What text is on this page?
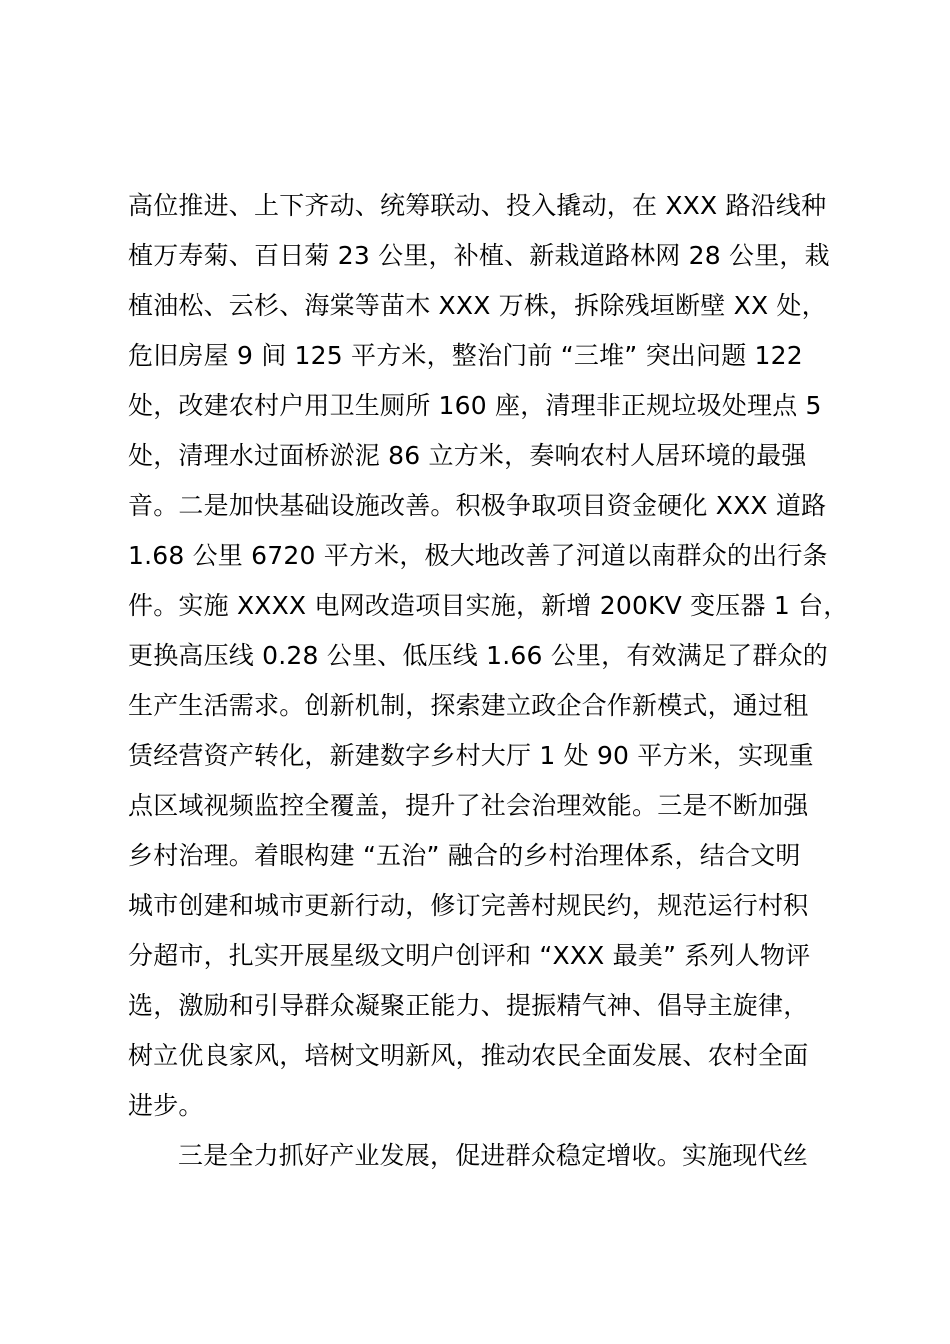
高位推进、上下齐动、统筹联动、投入撬动，在 XXX 路沿线种
植万寿菊、百日菊 23 公里，补植、新栽道路林网 28 公里，栽
植油松、云杉、海棠等苗木 XXX 万株，拆除残垣断壁 XX 处，
危旧房屋 9 间 125 平方米，整治门前 “三堆” 突出问题 122
处，改建农村户用卫生厕所 160 座，清理非正规垃圾处理点 5
处，清理水过面桥淤泥 86 立方米，奏响农村人居环境的最强
音。二是加快基础设施改善。积极争取项目资金硬化 XXX 道路
1.68 公里 6720 平方米，极大地改善了河道以南群众的出行条
件。实施 XXXX 电网改造项目实施，新增 200KV 变压器 1 台，
更换高压线 0.28 公里、低压线 1.66 公里，有效满足了群众的
生产生活需求。创新机制，探索建立政企合作新模式，通过租
赁经营资产转化，新建数字乡村大厅 1 处 90 平方米，实现重
点区域视频监控全覆盖，提升了社会治理效能。三是不断加强
乡村治理。着眼构建 “五治” 融合的乡村治理体系，结合文明
城市创建和城市更新行动，修订完善村规民约，规范运行村积
分超市，扎实开展星级文明户创评和 “XXX 最美” 系列人物评
选，激励和引导群众凝聚正能力、提振精气神、倡导主旋律，
树立优良家风，培树文明新风，推动农民全面发展、农村全面
进步。
三是全力抓好产业发展，促进群众稳定增收。实施现代丝
